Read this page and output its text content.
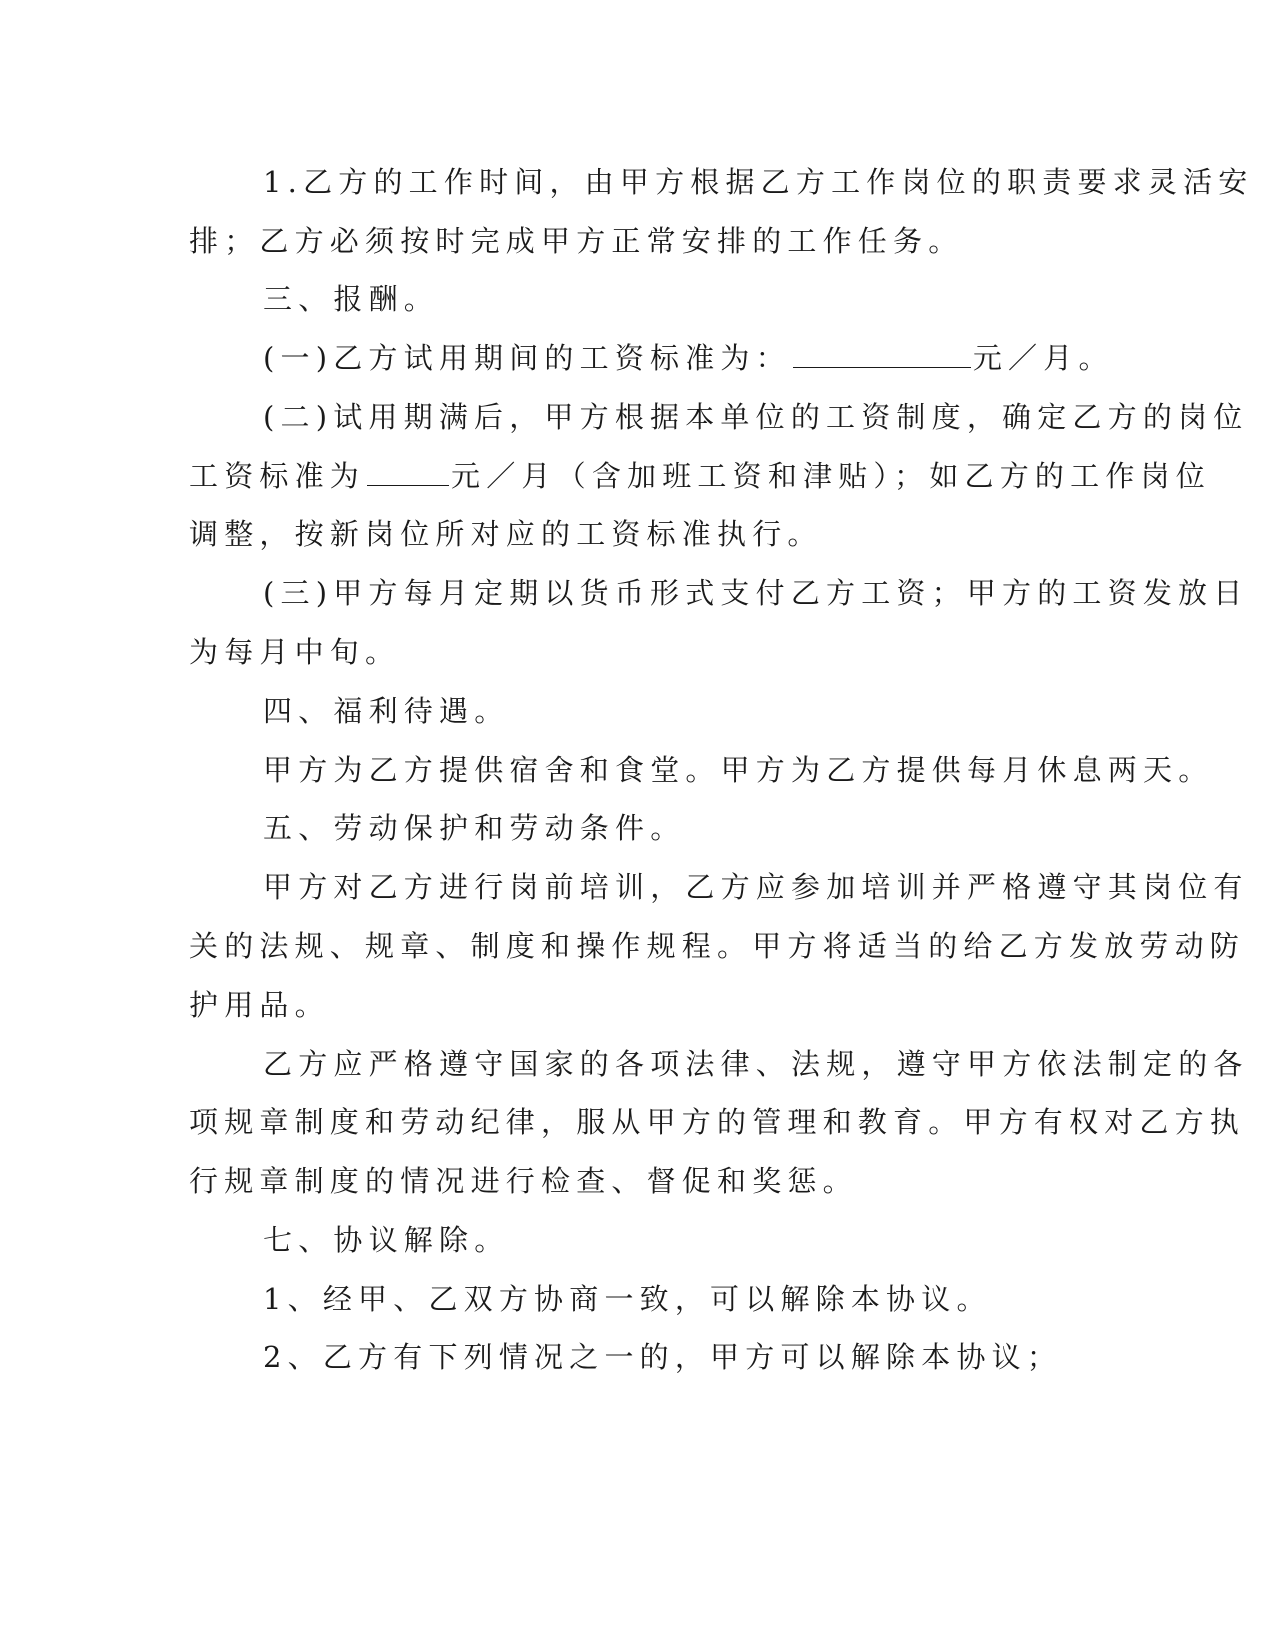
1.乙方的工作时间，由甲方根据乙方工作岗位的职责要求灵活安
排；乙方必须按时完成甲方正常安排的工作任务。
三、报酬。
(一)乙方试用期间的工资标准为：	元／月。
(二)试用期满后，甲方根据本单位的工资制度，确定乙方的岗位
工资标准为	元／月（含加班工资和津贴）；如乙方的工作岗位
调整，按新岗位所对应的工资标准执行。
(三)甲方每月定期以货币形式支付乙方工资；甲方的工资发放日
为每月中旬。
四、福利待遇。
甲方为乙方提供宿舍和食堂。甲方为乙方提供每月休息两天。
五、劳动保护和劳动条件。
甲方对乙方进行岗前培训，乙方应参加培训并严格遵守其岗位有
关的法规、规章、制度和操作规程。甲方将适当的给乙方发放劳动防
护用品。
乙方应严格遵守国家的各项法律、法规，遵守甲方依法制定的各
项规章制度和劳动纪律，服从甲方的管理和教育。甲方有权对乙方执
行规章制度的情况进行检查、督促和奖惩。
七、协议解除。
1、经甲、乙双方协商一致，可以解除本协议。
2、乙方有下列情况之一的，甲方可以解除本协议；
